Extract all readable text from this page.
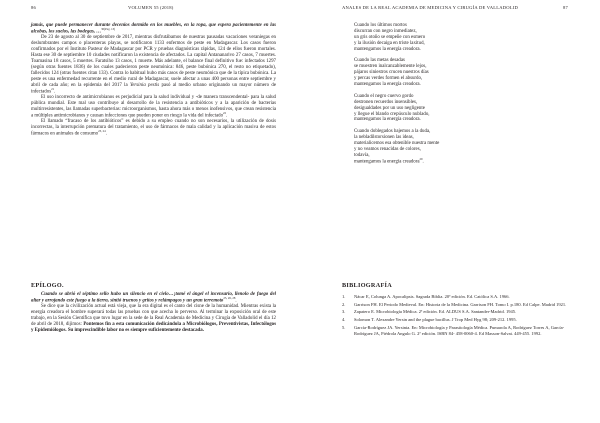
86	VOLUMEN 55 (2018)

jamás, que puede permanecer durante decenios dormido en los muebles, en la ropa, que espera pacientemente en las alcobas, los suelos, las bodegas, …$^{30(Pag. 13)}$

De 23 de agosto al 30 de septiembre de 2017, mientras disfrutábamos de nuestras pausadas vacaciones veraniegas en deslumbrantes campos o placenteras playas, se notificaron 1133 enfermos de peste en Madagascar. Los casos fueron confirmados por el Instituto Pasteur de Madagascar por PCR y pruebas diagnósticas rápidas, 124 de ellos fueron mortales. Hasta ese 30 de septiembre 10 ciudades notificaron la existencia de afectados. La capital Antananarivo 27 casos, 7 muertes. Toamasina 18 casos, 5 muertes. Faratsiho 13 casos, 1 muerte. Más adelante, el balance final definitivo fue: infectados 1297 (según otras fuentes 1836) de los cuales padecieron peste neumónica: 846, peste bubónica 270, el resto no etiquetado), fallecidos 124 (otras fuentes citan 133). Contra lo habitual hubo más casos de peste neumónica que de la típica bubónica. La peste es una enfermedad recurrente en el medio rural de Madagascar, suele afectar a unas 400 personas entre septiembre y abril de cada año; en la epidemia del 2017 la Yersinia pestis pasó al medio urbano originando un mayor número de infectados$^{21}$.

El uso incorrecto de antimicrobianos es perjudicial para la salud individual y -de manera transcendental- para la salud pública mundial. Este mal uso contribuye al desarrollo de la resistencia a antibióticos y a la aparición de bacterias multirresistentes, las llamadas superbacterias: microorganismos, hasta ahora más o menos inofensivos, que crean resistencia a múltiples antimicrobianos y causan infecciones que pueden poner en riesgo la vida del infectado$^{22}$.

El llamado “fracaso de los antibióticos” es debido a su empleo cuando no son necesarios, la utilización de dosis incorrectas, la interrupción prematura del tratamiento, el uso de fármacos de mala calidad y la aplicación masiva de estos fármacos en animales de consumo$^{23, 24}$.

EPÍLOGO.

Cuando se abrió el séptimo sello hubo un silencio en el cielo…¡tomé el ángel el incensario, llenolo de fuego del altar y arrojando este fuego a la tierra, sintió truenos y gritos y relámpagos y un gran terremoto$^{25, 26, 28}$.

Se dice que la civilización actual está vieja, que la era digital es el canto del cisne de la humanidad. Mientras exista la energía creadora el hombre superará todas las pruebas con que acecha lo perverso. Al terminar la exposición oral de este trabajo, en la Sesión Científica que tuvo lugar en la sede de la Real Academia de Medicina y Cirugía de Valladolid el día 12 de abril de 2018, dijimos: Pontemos fin a esta comunicación dedicándola a Microbiólogos, Preventivistas, Infectólogos y Epidemiólogos. Su imprescindible labor no es siempre suficientemente destacada.

ANALES DE LA REAL ACADEMIA DE MEDICINA Y CIRUGÍA DE VALLADOLID	87
Cuando los últimos mortos
discurran con negro inmediatez,
un gris otoño se empeñe con esmero
y la ilusión decaiga en triste laxitud,
mantengamos la energía creadora.
Cuando las metas desadas
se muestren inalcanzablemente lejos,
pájaros siniestros crucen nuestros días
y percas verdes formen el absurdo,
mantengamos la energía creadora.
Cuando el negro cuervo gordo
destronen recuerdos insensibles,
desigualdades por un uso negligente
y llegue el blando crepúsculo nublado,
mantengamos la energía creadora.
Cuando doblegados bajemos a la duda,
la nebladilstorsionen las ideas,
materialicemos esa obtenible nuestra mente
y no veamos renacidas de colores,
todavía,
mantengamos la energía creadora$^{29}$.
BIBLIOGRAFÍA
1.	Nácar E, Colunga A. Apocalipsis. Sagrada Biblia. 20ª edición. Ed. Católica S.A. 1966.
2.	Garrison FH. El Periodo Medieval. En: Historia de la Medicina. Garrison FH. Tomo I. p.180. Ed Calpe. Madrid 1921.
3.	Zapatero E. Microbiología Médica. 2ª edición. Ed. ALDUS S.A. Santander-Madrid. 1945.
4.	Solomon T. Alexandre Yersin and the plague bacillus. J Trop Med Hyg 98; 209-212. 1995.
5.	García-Rodríguez JA. Yersinia. En: Microbiología y Parasitología Médica. Pumarola A, Rodríguez Torres A, García-Rodríguez JA, Piédrola Angulo G. 2ª edición. ISBN 84- 458-0060-4. Ed Masson-Salvat. 449-455. 1992.
